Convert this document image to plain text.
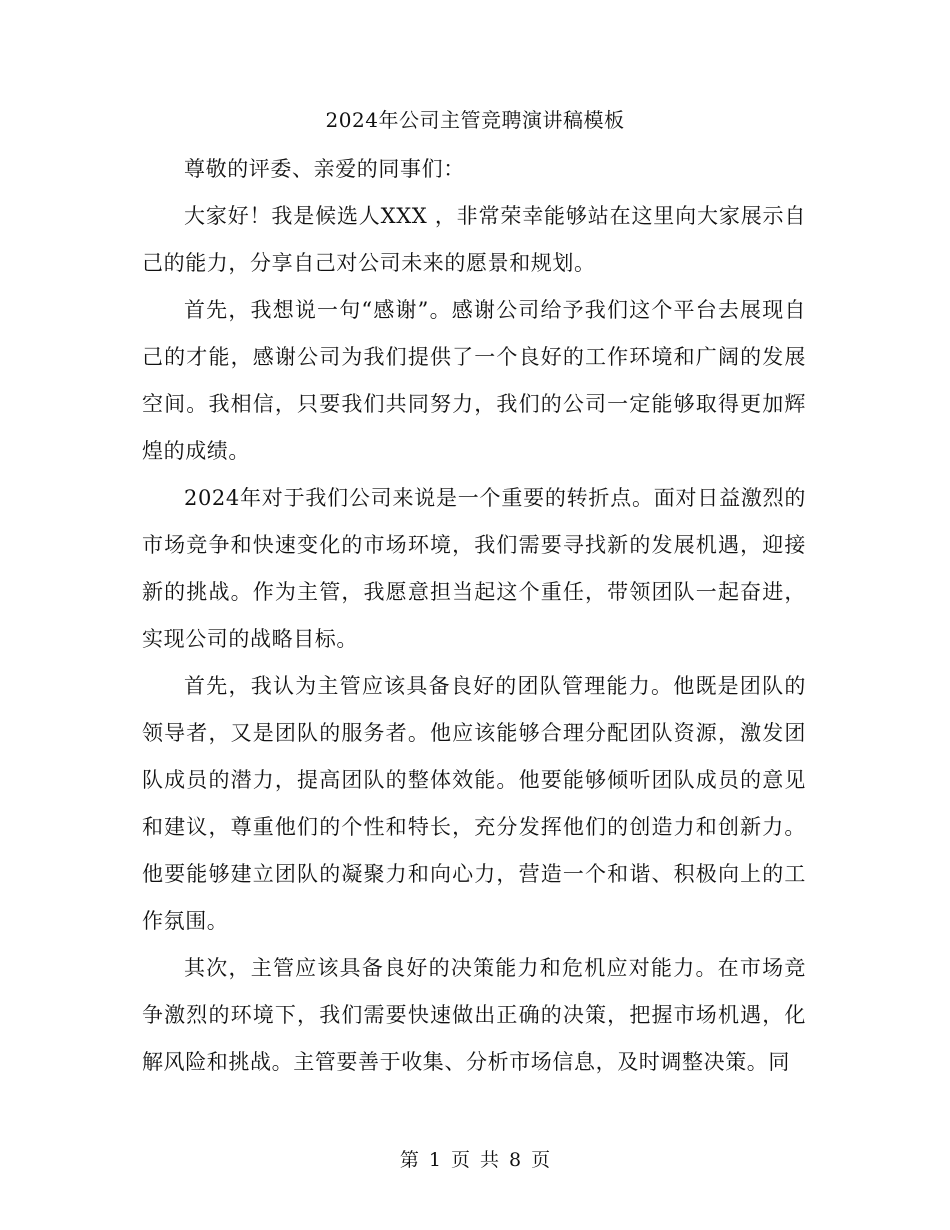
2024年公司主管竞聘演讲稿模板

尊敬的评委、亲爱的同事们：

大家好！我是候选人XXX ，非常荣幸能够站在这里向大家展示自己的能力，分享自己对公司未来的愿景和规划。

首先，我想说一句“感谢”。感谢公司给予我们这个平台去展现自己的才能，感谢公司为我们提供了一个良好的工作环境和广阔的发展空间。我相信，只要我们共同努力，我们的公司一定能够取得更加辉煌的成绩。

2024年对于我们公司来说是一个重要的转折点。面对日益激烈的市场竞争和快速变化的市场环境，我们需要寻找新的发展机遇，迎接新的挑战。作为主管，我愿意担当起这个重任，带领团队一起奋进，实现公司的战略目标。

首先，我认为主管应该具备良好的团队管理能力。他既是团队的领导者，又是团队的服务者。他应该能够合理分配团队资源，激发团队成员的潜力，提高团队的整体效能。他要能够倾听团队成员的意见和建议，尊重他们的个性和特长，充分发挥他们的创造力和创新力。他要能够建立团队的凝聚力和向心力，营造一个和谐、积极向上的工作氛围。

其次，主管应该具备良好的决策能力和危机应对能力。在市场竞争激烈的环境下，我们需要快速做出正确的决策，把握市场机遇，化解风险和挑战。主管要善于收集、分析市场信息，及时调整决策。同

第 1 页 共 8 页
